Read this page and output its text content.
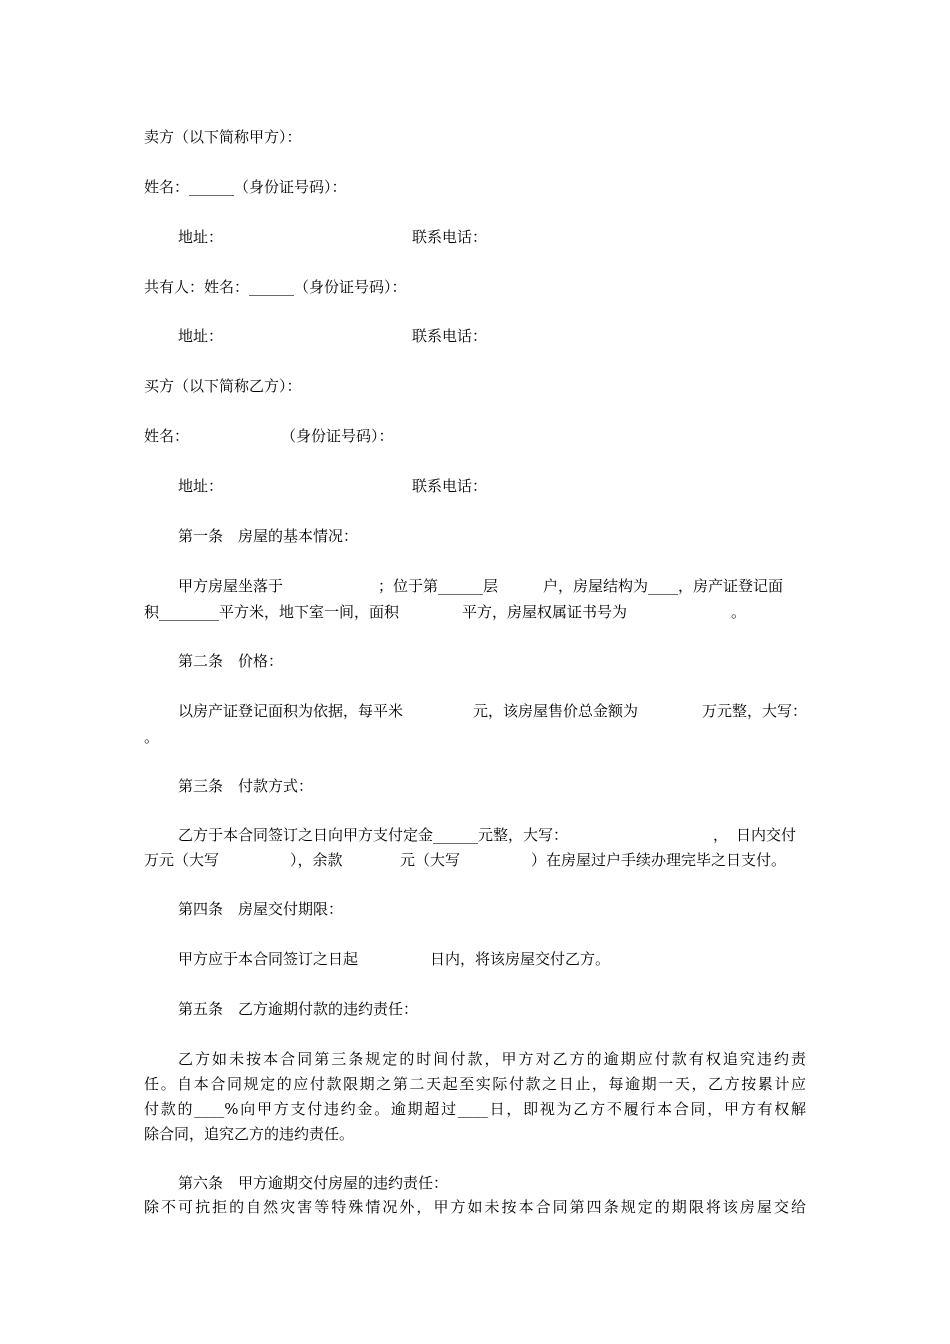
卖方（以下简称甲方）：
姓名：______（身份证号码）：
地址：	联系电话：
共有人：姓名：______（身份证号码）：
地址：	联系电话：
买方（以下简称乙方）：
姓名：	（身份证号码）：
地址：	联系电话：
第一条　房屋的基本情况：
甲方房屋坐落于	；位于第______层	户，房屋结构为____，房产证登记面
积________平方米，地下室一间，面积	平方，房屋权属证书号为	。
第二条　价格：
以房产证登记面积为依据，每平米	元，该房屋售价总金额为	万元整，大写：
。
第三条　付款方式：
乙方于本合同签订之日向甲方支付定金______元整，大写：	， 日内交付
万元（大写	），余款	元（大写	）在房屋过户手续办理完毕之日支付。
第四条　房屋交付期限：
甲方应于本合同签订之日起	日内，将该房屋交付乙方。
第五条　乙方逾期付款的违约责任：
乙方如未按本合同第三条规定的时间付款，甲方对乙方的逾期应付款有权追究违约责
任。自本合同规定的应付款限期之第二天起至实际付款之日止，每逾期一天，乙方按累计应
付款的____%向甲方支付违约金。逾期超过____日，即视为乙方不履行本合同，甲方有权解
除合同，追究乙方的违约责任。
第六条　甲方逾期交付房屋的违约责任：
除不可抗拒的自然灾害等特殊情况外，甲方如未按本合同第四条规定的期限将该房屋交给
